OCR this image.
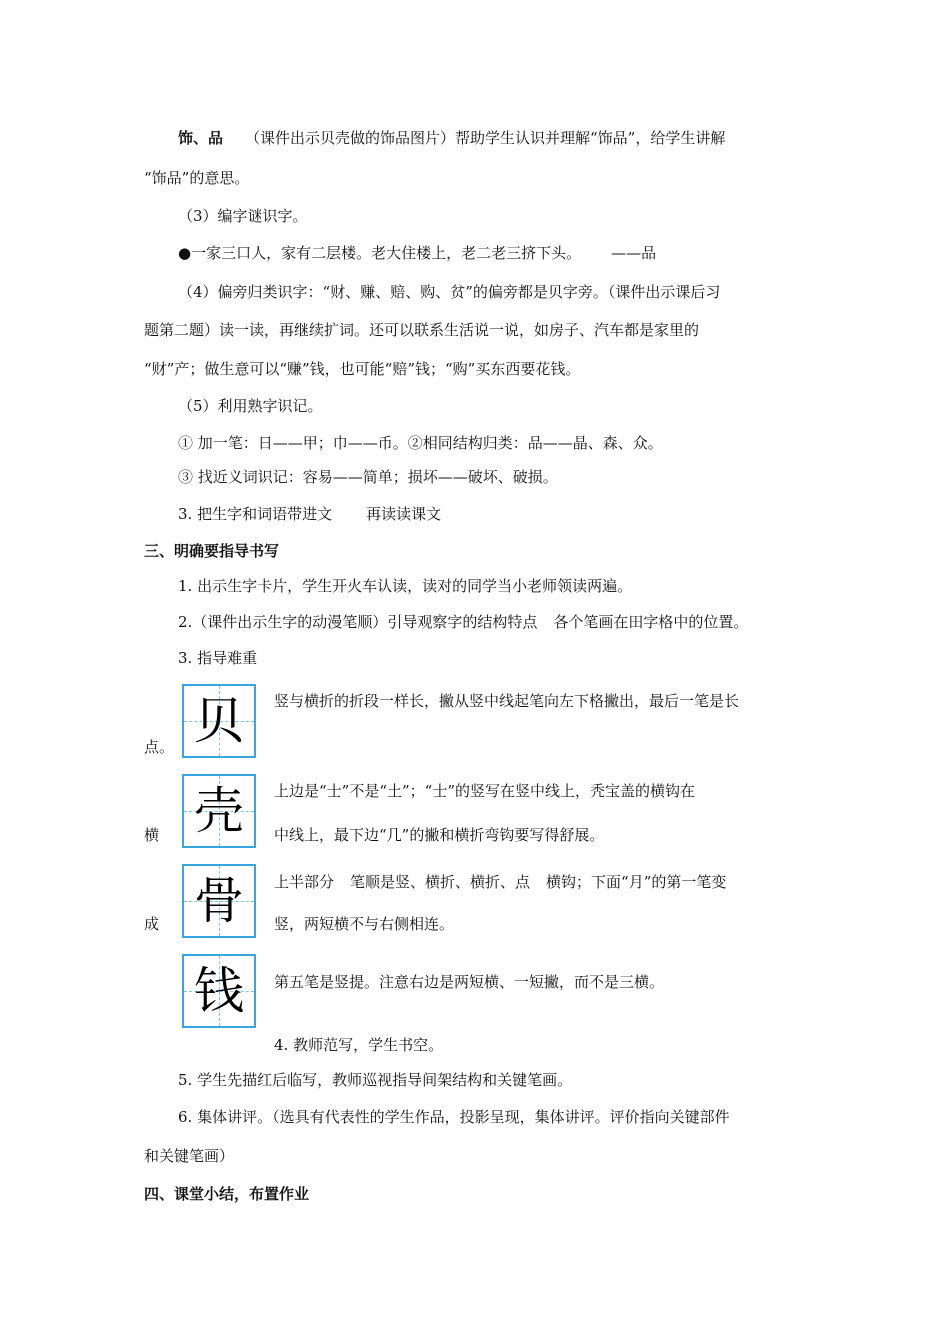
饰、品 （课件出示贝壳做的饰品图片）帮助学生认识并理解“饰品”，给学生讲解
“饰品”的意思。
（3）编字谜识字。
●一家三口人，家有二层楼。老大住楼上，老二老三挤下头。 ——品
（4）偏旁归类识字：“财、赚、赔、购、贫”的偏旁都是贝字旁。（课件出示课后习
题第二题）读一读，再继续扩词。还可以联系生活说一说，如房子、汽车都是家里的
“财”产；做生意可以“赚”钱，也可能“赔”钱；“购”买东西要花钱。
（5）利用熟字识记。
① 加一笔：日——甲；巾——币。②相同结构归类：品——晶、森、众。
③ 找近义词识记：容易——简单；损坏——破坏、破损。
3. 把生字和词语带进文 再读读课文
三、明确要指导书写
1. 出示生字卡片，学生开火车认读，读对的同学当小老师领读两遍。
2.（课件出示生字的动漫笔顺）引导观察字的结构特点 各个笔画在田字格中的位置。
3. 指导难重
贝	竖与横折的折段一样长，撇从竖中线起笔向左下格撇出，最后一笔是长
点。
壳	上边是“士”不是“土”；“士”的竖写在竖中线上，秃宝盖的横钩在
横	中线上，最下边“几”的撇和横折弯钩要写得舒展。
骨	上半部分 笔顺是竖、横折、横折、点 横钩；下面“月”的第一笔变
成	竖，两短横不与右侧相连。
钱	第五笔是竖提。注意右边是两短横、一短撇，而不是三横。
4. 教师范写，学生书空。
5. 学生先描红后临写，教师巡视指导间架结构和关键笔画。
6. 集体讲评。（选具有代表性的学生作品，投影呈现，集体讲评。评价指向关键部件
和关键笔画）
四、课堂小结，布置作业
